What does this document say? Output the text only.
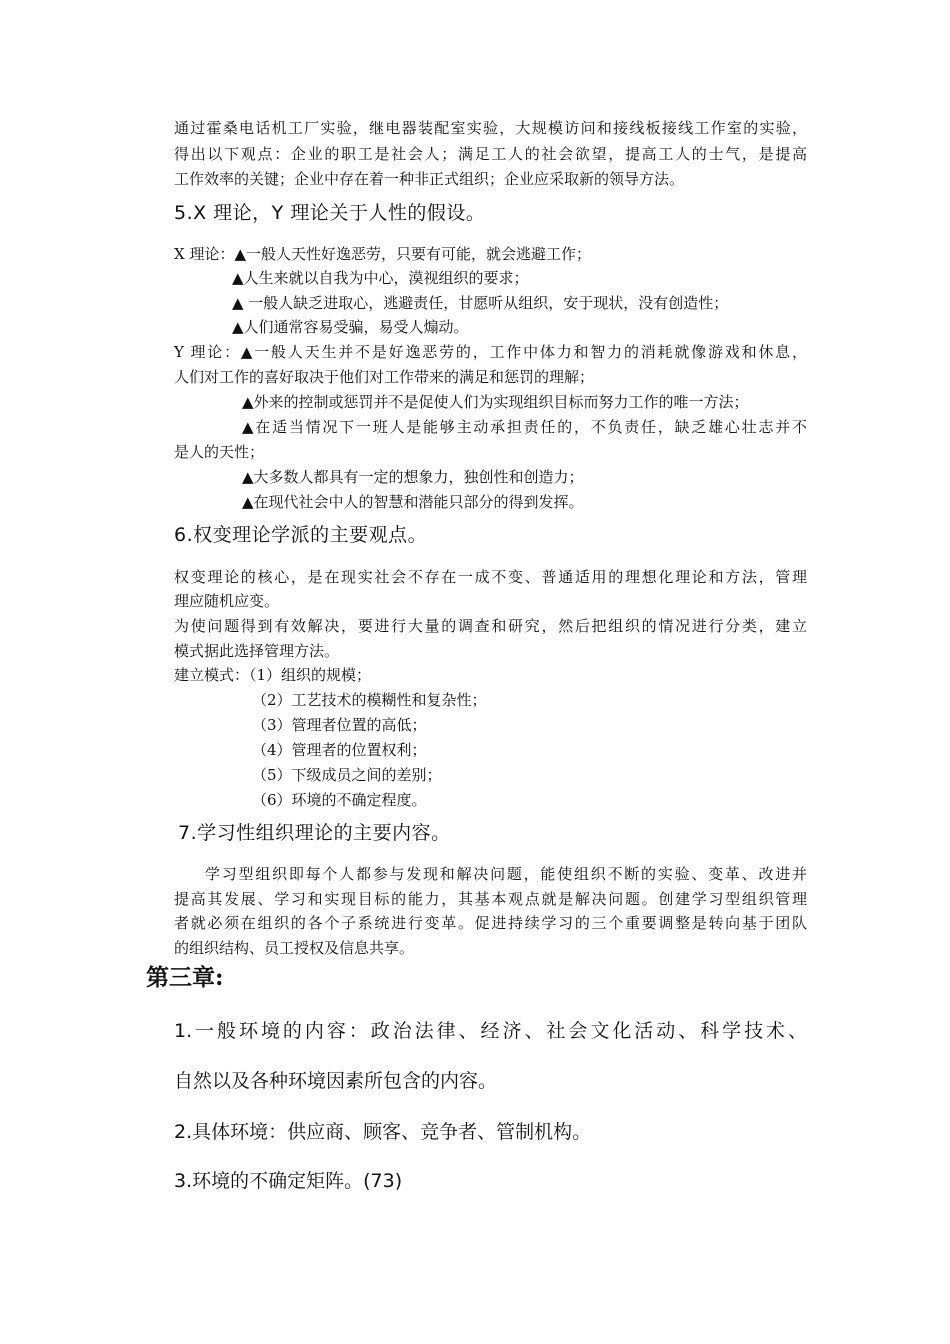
通过霍桑电话机工厂实验，继电器装配室实验，大规模访问和接线板接线工作室的实验，
得出以下观点：企业的职工是社会人；满足工人的社会欲望，提高工人的士气，是提高
工作效率的关键；企业中存在着一种非正式组织；企业应采取新的领导方法。
5.X 理论，Y 理论关于人性的假设。
X 理论：▲一般人天性好逸恶劳，只要有可能，就会逃避工作；
▲人生来就以自我为中心，漠视组织的要求；
▲ 一般人缺乏进取心，逃避责任，甘愿听从组织，安于现状，没有创造性；
▲人们通常容易受骗，易受人煽动。
Y 理论：▲一般人天生并不是好逸恶劳的，工作中体力和智力的消耗就像游戏和休息，
人们对工作的喜好取决于他们对工作带来的满足和惩罚的理解；
▲外来的控制或惩罚并不是促使人们为实现组织目标而努力工作的唯一方法；
▲在适当情况下一班人是能够主动承担责任的，不负责任，缺乏雄心壮志并不
是人的天性；
▲大多数人都具有一定的想象力，独创性和创造力；
▲在现代社会中人的智慧和潜能只部分的得到发挥。
6.权变理论学派的主要观点。
权变理论的核心，是在现实社会不存在一成不变、普通适用的理想化理论和方法，管理
理应随机应变。
为使问题得到有效解决，要进行大量的调查和研究，然后把组织的情况进行分类，建立
模式据此选择管理方法。
建立模式：（1）组织的规模；
（2）工艺技术的模糊性和复杂性；
（3）管理者位置的高低；
（4）管理者的位置权利；
（5）下级成员之间的差别；
（6）环境的不确定程度。
7.学习性组织理论的主要内容。
学习型组织即每个人都参与发现和解决问题，能使组织不断的实验、变革、改进并
提高其发展、学习和实现目标的能力，其基本观点就是解决问题。创建学习型组织管理
者就必须在组织的各个子系统进行变革。促进持续学习的三个重要调整是转向基于团队
的组织结构、员工授权及信息共享。
第三章:
1.一般环境的内容：政治法律、经济、社会文化活动、科学技术、
自然以及各种环境因素所包含的内容。
2.具体环境：供应商、顾客、竞争者、管制机构。
3.环境的不确定矩阵。(73)
